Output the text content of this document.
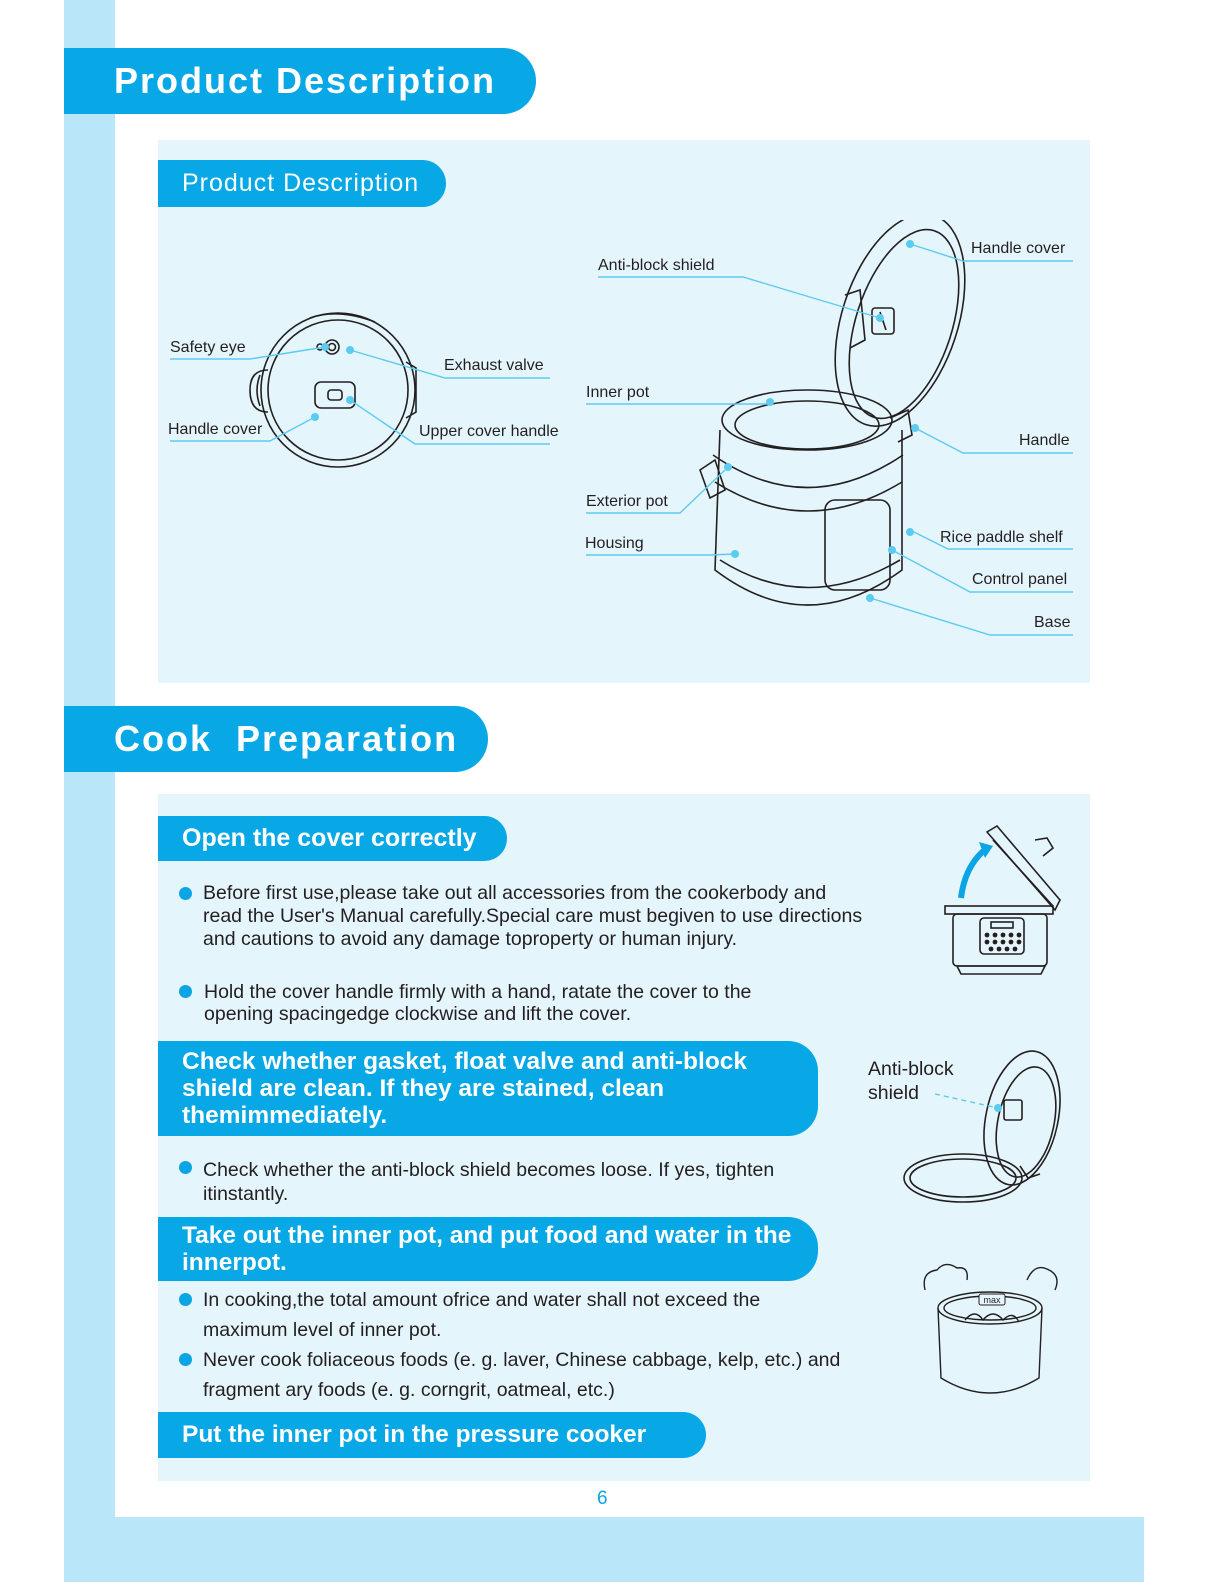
Product Description
Product Description
Safety eye
Exhaust valve
Handle cover	Upper cover handle
Anti-block shield
Handle cover
Inner pot
Handle
Exterior pot
Housing	Rice paddle shelf
Control panel
Base
Cook  Preparation
Open the cover correctly
Before first use,please take out all accessories from the cookerbody and read the User's Manual carefully.Special care must begiven to use directions and cautions to avoid any damage toproperty or human injury.
Hold the cover handle firmly with a hand, ratate the cover to the opening spacingedge clockwise and lift the cover.
Check whether gasket, float valve and anti-block shield are clean. If they are stained, clean themimmediately.
Check whether the anti-block shield becomes loose. If yes, tighten itinstantly.
Anti-block shield
Take out the inner pot, and put food and water in the innerpot.
In cooking,the total amount ofrice and water shall not exceed the maximum level of inner pot.
Never cook foliaceous foods (e. g. laver, Chinese cabbage, kelp, etc.) and fragment ary foods (e. g. corngrit, oatmeal, etc.)
max
Put the inner pot in the pressure cooker
6
